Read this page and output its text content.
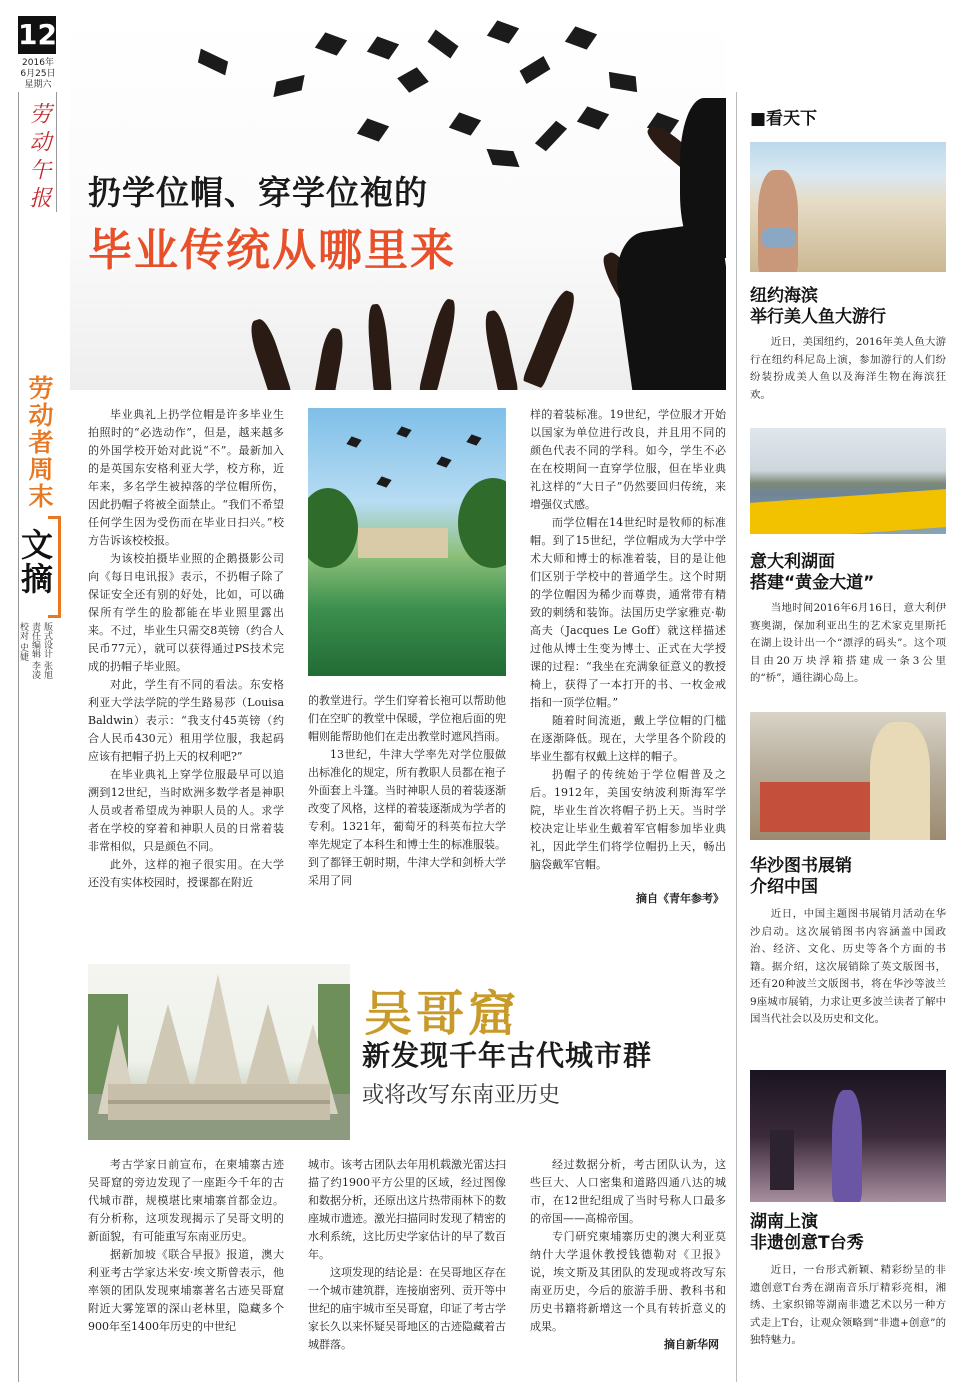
12
2016年
6月25日
星期六
劳动午报
劳动者周末
文摘
版式设计 张旭
责任编辑 李凌
校对 史婕
扔学位帽、穿学位袍的
毕业传统从哪里来

毕业典礼上扔学位帽是许多毕业生拍照时的“必选动作”，但是，越来越多的外国学校开始对此说“不”。最新加入的是英国东安格利亚大学，校方称，近年来，多名学生被掉落的学位帽所伤，因此扔帽子将被全面禁止。“我们不希望任何学生因为受伤而在毕业日扫兴。”校方告诉该校校报。

为该校拍摄毕业照的企鹅摄影公司向《每日电讯报》表示，不扔帽子除了保证安全还有别的好处，比如，可以确保所有学生的脸都能在毕业照里露出来。不过，毕业生只需交8英镑（约合人民币77元），就可以获得通过PS技术完成的扔帽子毕业照。

对此，学生有不同的看法。东安格利亚大学法学院的学生路易莎（Louisa Baldwin）表示：“我支付45英镑（约合人民币430元）租用学位服，我起码应该有把帽子扔上天的权利吧?”

在毕业典礼上穿学位服最早可以追溯到12世纪，当时欧洲多数学者是神职人员或者希望成为神职人员的人。求学者在学校的穿着和神职人员的日常着装非常相似，只是颜色不同。

此外，这样的袍子很实用。在大学还没有实体校园时，授课都在附近

的教堂进行。学生们穿着长袍可以帮助他们在空旷的教堂中保暖，学位袍后面的兜帽则能帮助他们在走出教堂时遮风挡雨。

13世纪，牛津大学率先对学位服做出标准化的规定，所有教职人员都在袍子外面套上斗篷。当时神职人员的着装逐渐改变了风格，这样的着装逐渐成为学者的专利。1321年，葡萄牙的科英布拉大学率先规定了本科生和博士生的标准服装。到了都铎王朝时期，牛津大学和剑桥大学采用了同

样的着装标准。19世纪，学位服才开始以国家为单位进行改良，并且用不同的颜色代表不同的学科。如今，学生不必在在校期间一直穿学位服，但在毕业典礼这样的“大日子”仍然要回归传统，来增强仪式感。

而学位帽在14世纪时是牧师的标准帽。到了15世纪，学位帽成为大学中学术大师和博士的标准着装，目的是让他们区别于学校中的普通学生。这个时期的学位帽因为稀少而尊贵，通常带有精致的刺绣和装饰。法国历史学家雅克·勒高夫（Jacques Le Goff）就这样描述过他从博士生变为博士、正式在大学授课的过程：“我坐在充满象征意义的教授椅上，获得了一本打开的书、一枚金戒指和一顶学位帽。”

随着时间流逝，戴上学位帽的门槛在逐渐降低。现在，大学里各个阶段的毕业生都有权戴上这样的帽子。

扔帽子的传统始于学位帽普及之后。1912年，美国安纳波利斯海军学院，毕业生首次将帽子扔上天。当时学校决定让毕业生戴着军官帽参加毕业典礼，因此学生们将学位帽扔上天，畅出脑袋戴军官帽。

摘自《青年参考》
吴哥窟
新发现千年古代城市群
或将改写东南亚历史

考古学家日前宣布，在柬埔寨古迹吴哥窟的旁边发现了一座距今千年的古代城市群，规模堪比柬埔寨首都金边。有分析称，这项发现揭示了吴哥文明的新面貌，有可能重写东南亚历史。

据新加坡《联合早报》报道，澳大利亚考古学家达米安·埃文斯曾表示，他率领的团队发现柬埔寨著名古迹吴哥窟附近大雾笼罩的深山老林里，隐藏多个900年至1400年历史的中世纪

城市。该考古团队去年用机载激光雷达扫描了约1900平方公里的区域，经过图像和数据分析，还原出这片热带雨林下的数座城市遗迹。激光扫描同时发现了精密的水利系统，这比历史学家估计的早了数百年。

这项发现的结论是：在吴哥地区存在一个城市建筑群，连接崩密列、贡开等中世纪的庙宇城市至吴哥窟，印证了考古学家长久以来怀疑吴哥地区的古迹隐藏着古城群落。

经过数据分析，考古团队认为，这些巨大、人口密集和道路四通八达的城市，在12世纪组成了当时号称人口最多的帝国——高棉帝国。

专门研究柬埔寨历史的澳大利亚莫纳什大学退休教授钱德勒对《卫报》说，埃文斯及其团队的发现或将改写东南亚历史，今后的旅游手册、教科书和历史书籍将新增这一个具有转折意义的成果。

摘自新华网
■看天下
纽约海滨
举行美人鱼大游行

近日，美国纽约，2016年美人鱼大游行在纽约科尼岛上演，参加游行的人们纷纷装扮成美人鱼以及海洋生物在海滨狂欢。

意大利湖面
搭建“黄金大道”

当地时间2016年6月16日，意大利伊赛奥湖，保加利亚出生的艺术家克里斯托在湖上设计出一个“漂浮的码头”。这个项目由20万块浮箱搭建成一条3公里的“桥”，通往湖心岛上。

华沙图书展销
介绍中国

近日，中国主题图书展销月活动在华沙启动。这次展销图书内容涵盖中国政治、经济、文化、历史等各个方面的书籍。据介绍，这次展销除了英文版图书，还有20种波兰文版图书，将在华沙等波兰9座城市展销，力求让更多波兰读者了解中国当代社会以及历史和文化。

湖南上演
非遗创意T台秀

近日，一台形式新颖、精彩纷呈的非遗创意T台秀在湖南音乐厅精彩亮相，湘绣、土家织锦等湖南非遗艺术以另一种方式走上T台，让观众领略到“非遗+创意”的独特魅力。
